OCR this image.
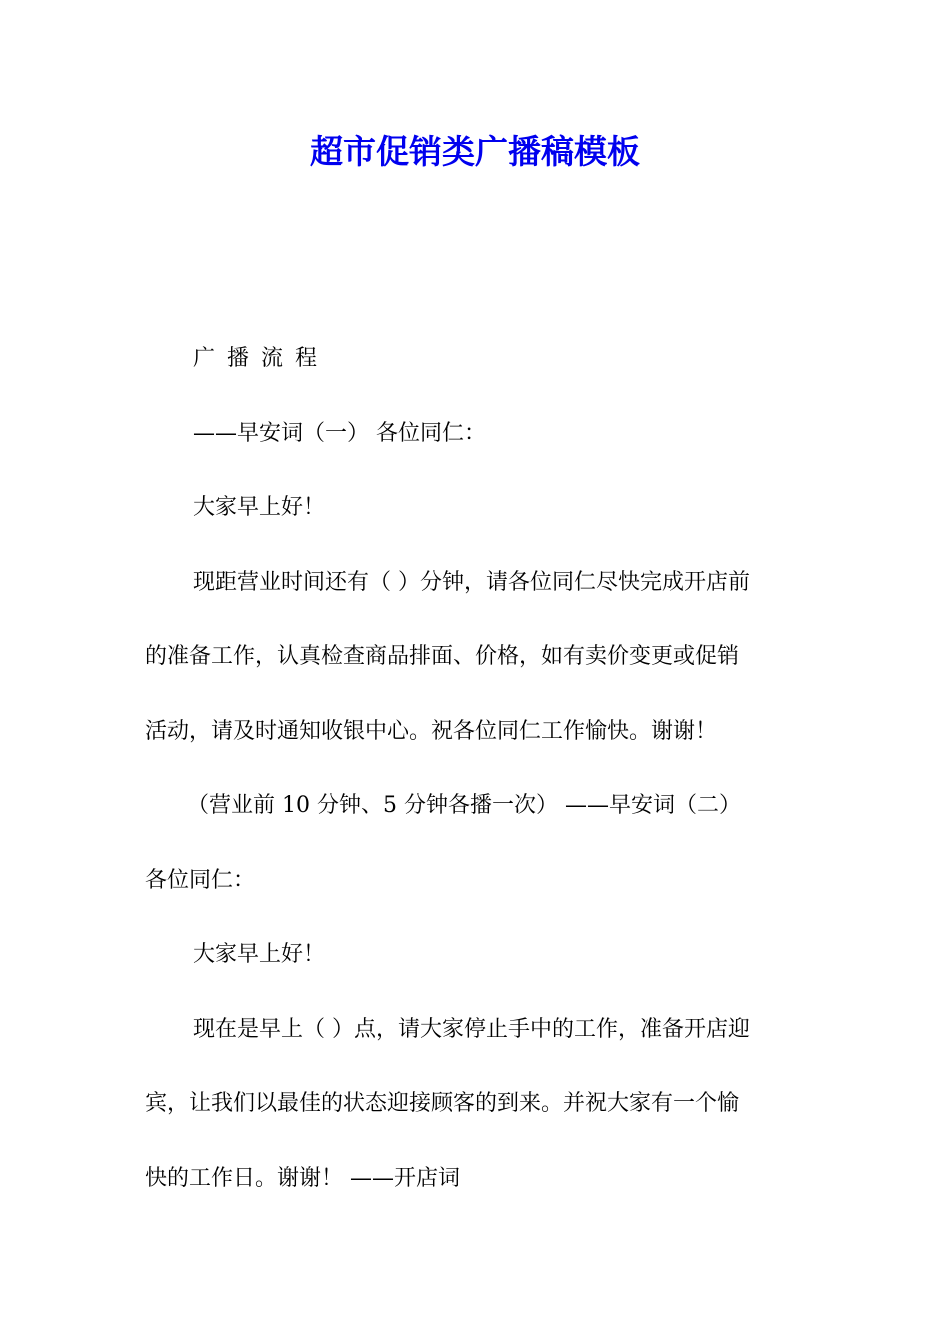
超市促销类广播稿模板
广播流程
——早安词（一） 各位同仁：
大家早上好！
现距营业时间还有（ ）分钟，请各位同仁尽快完成开店前
的准备工作，认真检查商品排面、价格，如有卖价变更或促销
活动，请及时通知收银中心。祝各位同仁工作愉快。谢谢！
（营业前 10 分钟、5 分钟各播一次） ——早安词（二）
各位同仁：
大家早上好！
现在是早上（ ）点，请大家停止手中的工作，准备开店迎
宾，让我们以最佳的状态迎接顾客的到来。并祝大家有一个愉
快的工作日。谢谢！ ——开店词
